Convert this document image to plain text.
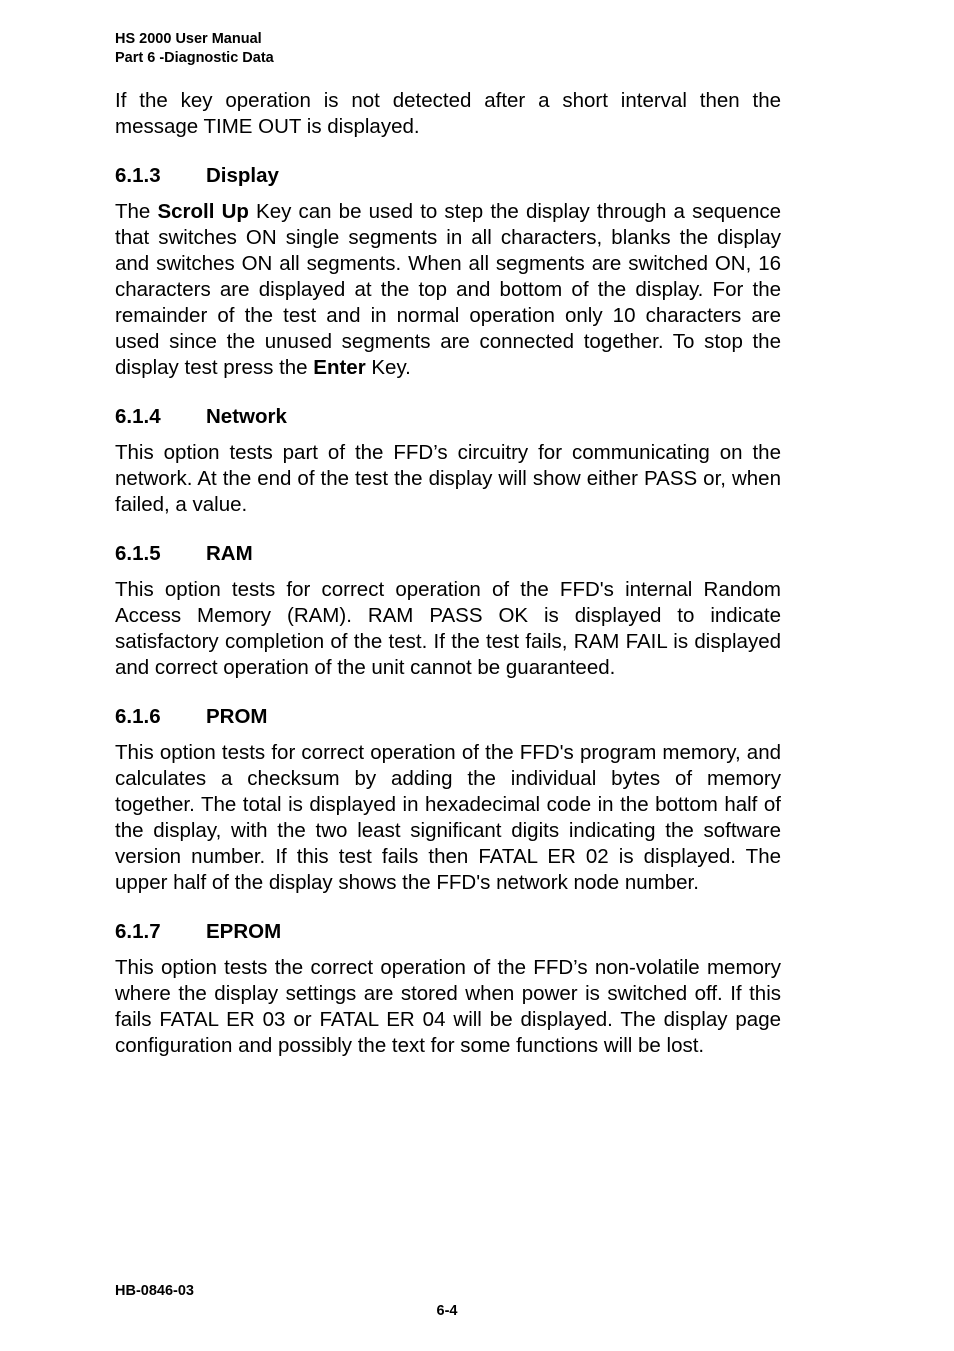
HS 2000 User Manual
Part 6 -Diagnostic Data

If the key operation is not detected after a short interval then the message TIME OUT is displayed.

6.1.3 Display

The Scroll Up Key can be used to step the display through a sequence that switches ON single segments in all characters, blanks the display and switches ON all segments. When all segments are switched ON, 16 characters are displayed at the top and bottom of the display. For the remainder of the test and in normal operation only 10 characters are used since the unused segments are connected together. To stop the display test press the Enter Key.

6.1.4 Network

This option tests part of the FFD’s circuitry for communicating on the network. At the end of the test the display will show either PASS or, when failed, a value.

6.1.5 RAM

This option tests for correct operation of the FFD's internal Random Access Memory (RAM). RAM PASS OK is displayed to indicate satisfactory completion of the test. If the test fails, RAM FAIL is displayed and correct operation of the unit cannot be guaranteed.

6.1.6 PROM

This option tests for correct operation of the FFD's program memory, and calculates a checksum by adding the individual bytes of memory together. The total is displayed in hexadecimal code in the bottom half of the display, with the two least significant digits indicating the software version number. If this test fails then FATAL ER 02 is displayed. The upper half of the display shows the FFD's network node number.

6.1.7 EPROM

This option tests the correct operation of the FFD’s non-volatile memory where the display settings are stored when power is switched off. If this fails FATAL ER 03 or FATAL ER 04 will be displayed. The display page configuration and possibly the text for some functions will be lost.

HB-0846-03
6-4
